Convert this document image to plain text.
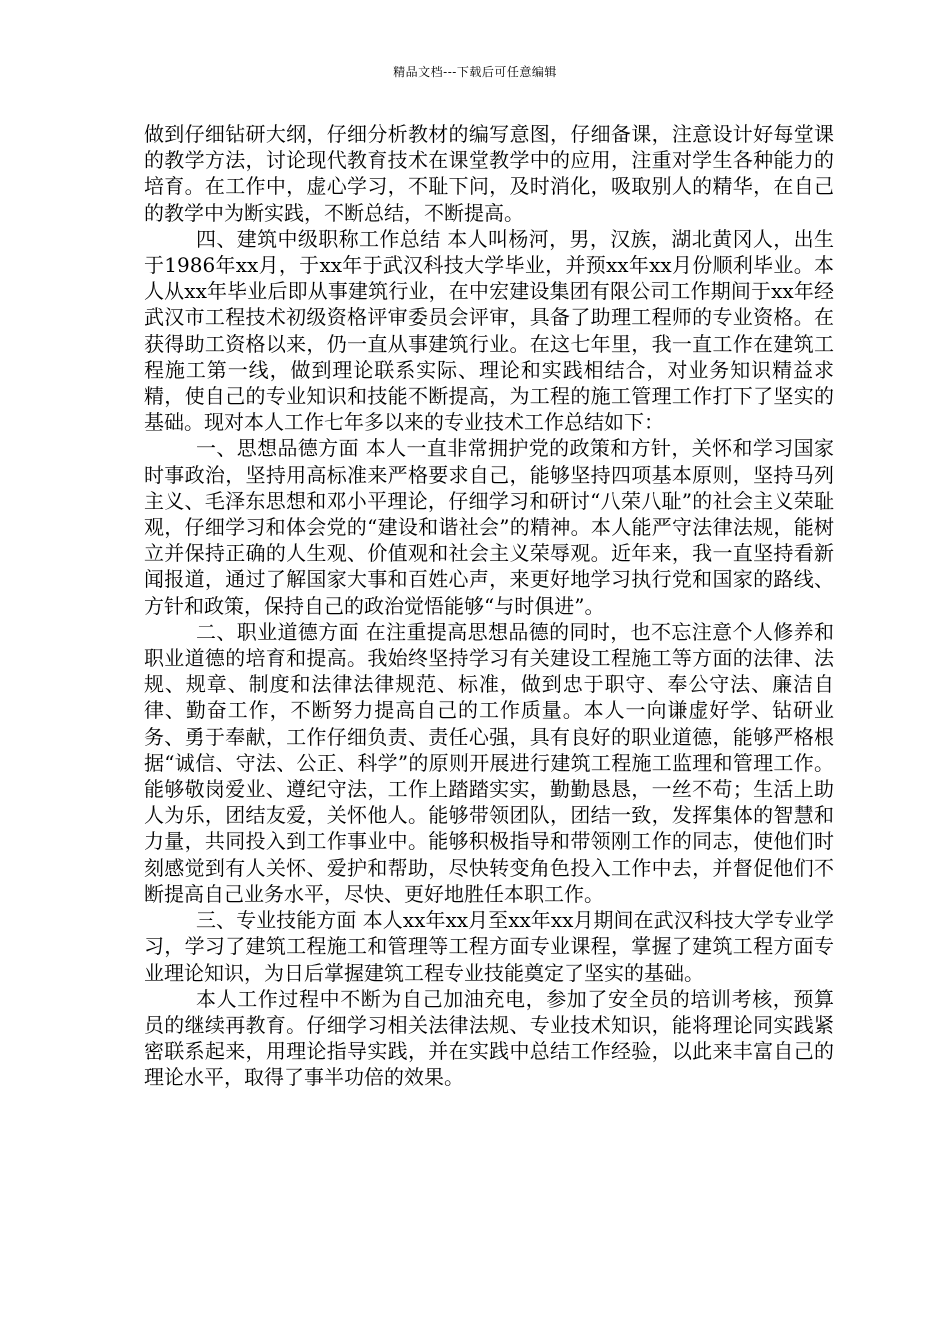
精品文档---下载后可任意编辑

做到仔细钻研大纲，仔细分析教材的编写意图，仔细备课，注意设计好每堂课的教学方法，讨论现代教育技术在课堂教学中的应用，注重对学生各种能力的培育。在工作中，虚心学习，不耻下问，及时消化，吸取别人的精华，在自己的教学中为断实践，不断总结，不断提高。

四、建筑中级职称工作总结 本人叫杨河，男，汉族，湖北黄冈人，出生于1986年xx月，于xx年于武汉科技大学毕业，并预xx年xx月份顺利毕业。本人从xx年毕业后即从事建筑行业，在中宏建设集团有限公司工作期间于xx年经武汉市工程技术初级资格评审委员会评审，具备了助理工程师的专业资格。在获得助工资格以来，仍一直从事建筑行业。在这七年里，我一直工作在建筑工程施工第一线，做到理论联系实际、理论和实践相结合，对业务知识精益求精，使自己的专业知识和技能不断提高，为工程的施工管理工作打下了坚实的基础。现对本人工作七年多以来的专业技术工作总结如下：

一、思想品德方面 本人一直非常拥护党的政策和方针，关怀和学习国家时事政治，坚持用高标准来严格要求自己，能够坚持四项基本原则，坚持马列主义、毛泽东思想和邓小平理论，仔细学习和研讨“八荣八耻”的社会主义荣耻观，仔细学习和体会党的“建设和谐社会”的精神。本人能严守法律法规，能树立并保持正确的人生观、价值观和社会主义荣辱观。近年来，我一直坚持看新闻报道，通过了解国家大事和百姓心声，来更好地学习执行党和国家的路线、方针和政策，保持自己的政治觉悟能够“与时俱进”。

二、职业道德方面 在注重提高思想品德的同时，也不忘注意个人修养和职业道德的培育和提高。我始终坚持学习有关建设工程施工等方面的法律、法规、规章、制度和法律法律规范、标准，做到忠于职守、奉公守法、廉洁自律、勤奋工作，不断努力提高自己的工作质量。本人一向谦虚好学、钻研业务、勇于奉献，工作仔细负责、责任心强，具有良好的职业道德，能够严格根据“诚信、守法、公正、科学”的原则开展进行建筑工程施工监理和管理工作。能够敬岗爱业、遵纪守法，工作上踏踏实实，勤勤恳恳，一丝不苟；生活上助人为乐，团结友爱，关怀他人。能够带领团队，团结一致，发挥集体的智慧和力量，共同投入到工作事业中。能够积极指导和带领刚工作的同志，使他们时刻感觉到有人关怀、爱护和帮助，尽快转变角色投入工作中去，并督促他们不断提高自己业务水平，尽快、更好地胜任本职工作。

三、专业技能方面 本人xx年xx月至xx年xx月期间在武汉科技大学专业学习，学习了建筑工程施工和管理等工程方面专业课程，掌握了建筑工程方面专业理论知识，为日后掌握建筑工程专业技能奠定了坚实的基础。

本人工作过程中不断为自己加油充电，参加了安全员的培训考核，预算员的继续再教育。仔细学习相关法律法规、专业技术知识，能将理论同实践紧密联系起来，用理论指导实践，并在实践中总结工作经验，以此来丰富自己的理论水平，取得了事半功倍的效果。
